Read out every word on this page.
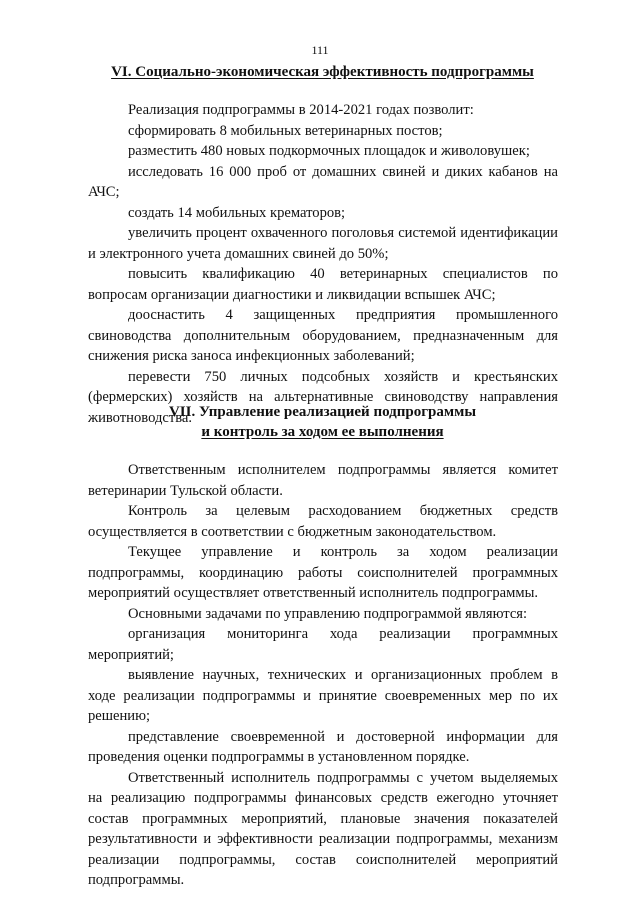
111
VI. Социально-экономическая эффективность подпрограммы

Реализация подпрограммы в 2014-2021 годах позволит:

сформировать 8 мобильных ветеринарных постов;

разместить 480 новых подкормочных площадок и живоловушек;

исследовать 16 000 проб от домашних свиней и диких кабанов на АЧС;

создать 14 мобильных крематоров;

увеличить процент охваченного поголовья системой идентификации и электронного учета домашних свиней до 50%;

повысить квалификацию 40 ветеринарных специалистов по вопросам организации диагностики и ликвидации вспышек АЧС;

дооснастить 4 защищенных предприятия промышленного свиноводства дополнительным оборудованием, предназначенным для снижения риска заноса инфекционных заболеваний;

перевести 750 личных подсобных хозяйств и крестьянских (фермерских) хозяйств на альтернативные свиноводству направления животноводства.

VII. Управление реализацией подпрограммы
и контроль за ходом ее выполнения

Ответственным исполнителем подпрограммы является комитет ветеринарии Тульской области.

Контроль за целевым расходованием бюджетных средств осуществляется в соответствии с бюджетным законодательством.

Текущее управление и контроль за ходом реализации подпрограммы, координацию работы соисполнителей программных мероприятий осуществляет ответственный исполнитель подпрограммы.

Основными задачами по управлению подпрограммой являются:

организация мониторинга хода реализации программных мероприятий;

выявление научных, технических и организационных проблем в ходе реализации подпрограммы и принятие своевременных мер по их решению;

представление своевременной и достоверной информации для проведения оценки подпрограммы в установленном порядке.

Ответственный исполнитель подпрограммы с учетом выделяемых на реализацию подпрограммы финансовых средств ежегодно уточняет состав программных мероприятий, плановые значения показателей результативности и эффективности реализации подпрограммы, механизм реализации подпрограммы, состав соисполнителей мероприятий подпрограммы.
